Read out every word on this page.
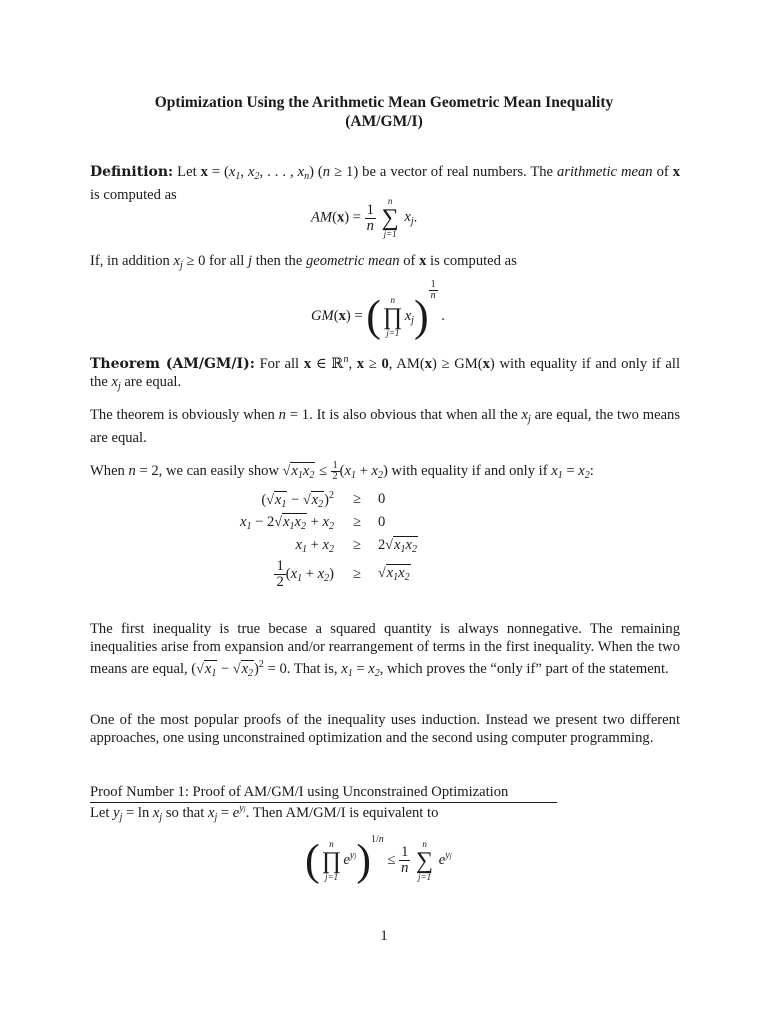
Optimization Using the Arithmetic Mean Geometric Mean Inequality
(AM/GM/I)
Definition: Let $x = (x_1$, $x_2$, . . . , $x_n$) (n ≥ 1) be a vector of real numbers. The arithmetic mean of x is computed as
$AM(x) = \frac{1}{n}$

n
∑
j=1
$x_j$.
If, in addition $x_j \ge 0$ for all j then the geometric mean of x is computed as
GM(x) = (	n
∏
j=1
$x_j$)
$\frac{1}{n}$
.
Theorem (AM/GM/I): For all x ∈ ℝ$^n$, x ≥ 0, AM(x) ≥ GM(x) with equality if and only if all the $x_j$ are equal.
The theorem is obviously when n = 1. It is also obvious that when all the $x_j$ are equal, the two means are equal.
When n = 2, we can easily show $√x_1x_2 \le \frac{1}{2} (x_1 + x_2)$ with equality if and only if $x_1 = x_2$:
$(√x_1 - √x_2)^2$	≥	0
$x_1 - 2√x_1x_2 + x_2$	≥	0
$x_1 + x_2$	≥	$2√x_1x_2$

$\frac{1}{2} (x_1 + x_2)$	≥	$√x_1x_2$
The first inequality is true becase a squared quantity is always nonnegative. The remaining inequalities arise from expansion and/or rearrangement of terms in the first inequality. When the two means are equal, $(√x_1 - √x_2)^2 = 0$. That is, $x_1 = x_2$, which proves the “only if” part of the statement.
One of the most popular proofs of the inequality uses induction. Instead we present two different approaches, one using unconstrained optimization and the second using computer programming.
Proof Number 1: Proof of AM/GM/I using Unconstrained Optimization
Let $y_j = \ln x_j$ so that $x_j = e^{yj}$. Then AM/GM/I is equivalent to
(	n
∏
j=1
$e^{yj})^{1/n} \le \frac{1}{n}$

n
∑
j=1
$e^{yj}$
1
